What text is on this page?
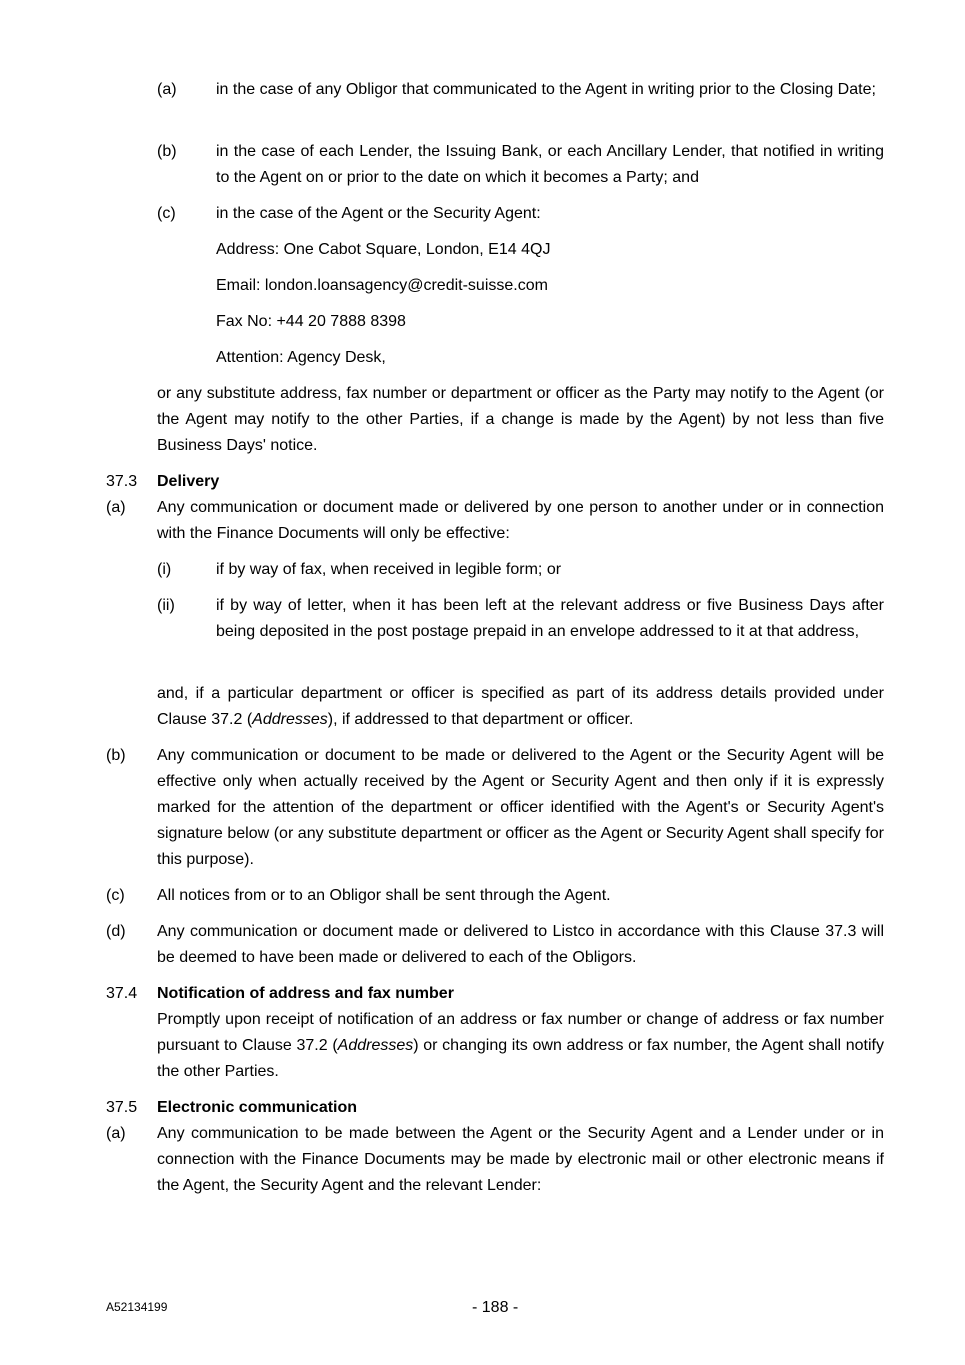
(a) in the case of any Obligor that communicated to the Agent in writing prior to the Closing Date;

(b) in the case of each Lender, the Issuing Bank, or each Ancillary Lender, that notified in writing to the Agent on or prior to the date on which it becomes a Party; and

(c)	in the case of the Agent or the Security Agent:

Address: One Cabot Square, London, E14 4QJ

Email: london.loansagency@credit-suisse.com

Fax No: +44 20 7888 8398

Attention: Agency Desk,

or any substitute address, fax number or department or officer as the Party may notify to the Agent (or the Agent may notify to the other Parties, if a change is made by the Agent) by not less than five Business Days' notice.

37.3 Delivery
(a) Any communication or document made or delivered by one person to another under or in connection with the Finance Documents will only be effective:

(i)	if by way of fax, when received in legible form; or

(ii)	if by way of letter, when it has been left at the relevant address or five Business Days after being deposited in the post postage prepaid in an envelope addressed to it at that address,

and, if a particular department or officer is specified as part of its address details provided under Clause 37.2 (Addresses), if addressed to that department or officer.

(b) Any communication or document to be made or delivered to the Agent or the Security Agent will be effective only when actually received by the Agent or Security Agent and then only if it is expressly marked for the attention of the department or officer identified with the Agent's or Security Agent's signature below (or any substitute department or officer as the Agent or Security Agent shall specify for this purpose).

(c) All notices from or to an Obligor shall be sent through the Agent.

(d) Any communication or document made or delivered to Listco in accordance with this Clause 37.3 will be deemed to have been made or delivered to each of the Obligors.

37.4 Notification of address and fax number

Promptly upon receipt of notification of an address or fax number or change of address or fax number pursuant to Clause 37.2 (Addresses) or changing its own address or fax number, the Agent shall notify the other Parties.

37.5 Electronic communication
(a) Any communication to be made between the Agent or the Security Agent and a Lender under or in connection with the Finance Documents may be made by electronic mail or other electronic means if the Agent, the Security Agent and the relevant Lender:

A52134199	- 188 -
